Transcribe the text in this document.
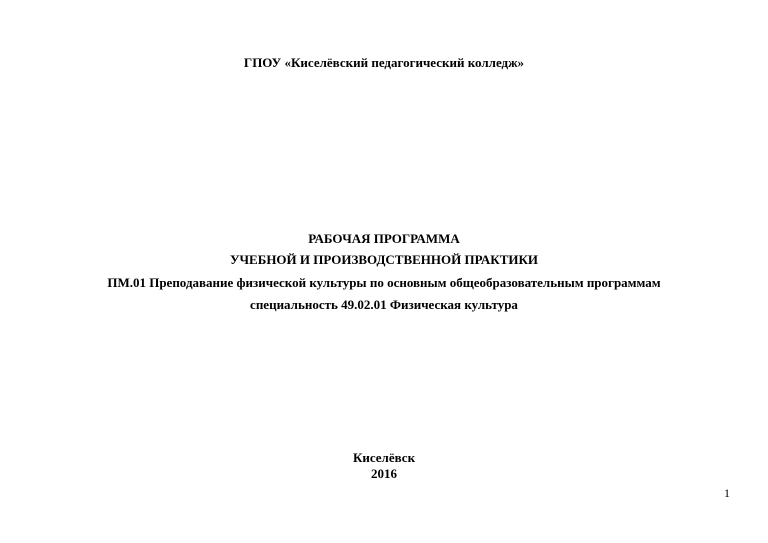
ГПОУ «Киселёвский педагогический колледж»
РАБОЧАЯ ПРОГРАММА
УЧЕБНОЙ И ПРОИЗВОДСТВЕННОЙ ПРАКТИКИ
ПМ.01 Преподавание физической культуры по основным общеобразовательным программам
специальность 49.02.01 Физическая культура
Киселёвск
2016
1
